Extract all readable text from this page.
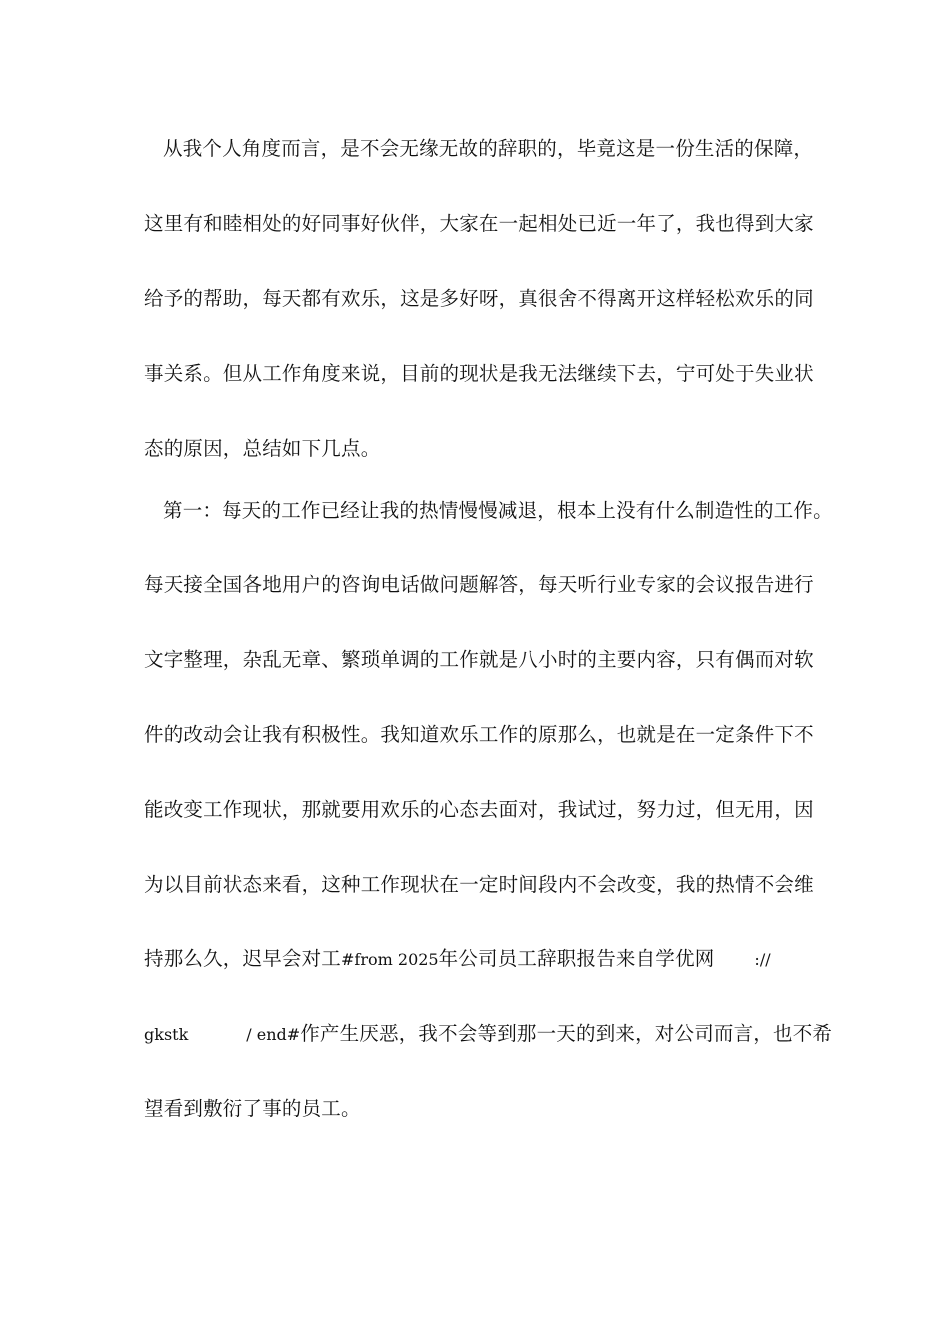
从我个人角度而言，是不会无缘无故的辞职的，毕竟这是一份生活的保障，
这里有和睦相处的好同事好伙伴，大家在一起相处已近一年了，我也得到大家
给予的帮助，每天都有欢乐，这是多好呀，真很舍不得离开这样轻松欢乐的同
事关系。但从工作角度来说，目前的现状是我无法继续下去，宁可处于失业状
态的原因，总结如下几点。
第一：每天的工作已经让我的热情慢慢减退，根本上没有什么制造性的工作。
每天接全国各地用户的咨询电话做问题解答，每天听行业专家的会议报告进行
文字整理，杂乱无章、繁琐单调的工作就是八小时的主要内容，只有偶而对软
件的改动会让我有积极性。我知道欢乐工作的原那么，也就是在一定条件下不
能改变工作现状，那就要用欢乐的心态去面对，我试过，努力过，但无用，因
为以目前状态来看，这种工作现状在一定时间段内不会改变，我的热情不会维
持那么久，迟早会对工#from 2025年公司员工辞职报告来自学优网	://
gkstk	/ end#作产生厌恶，我不会等到那一天的到来，对公司而言，也不希
望看到敷衍了事的员工。
